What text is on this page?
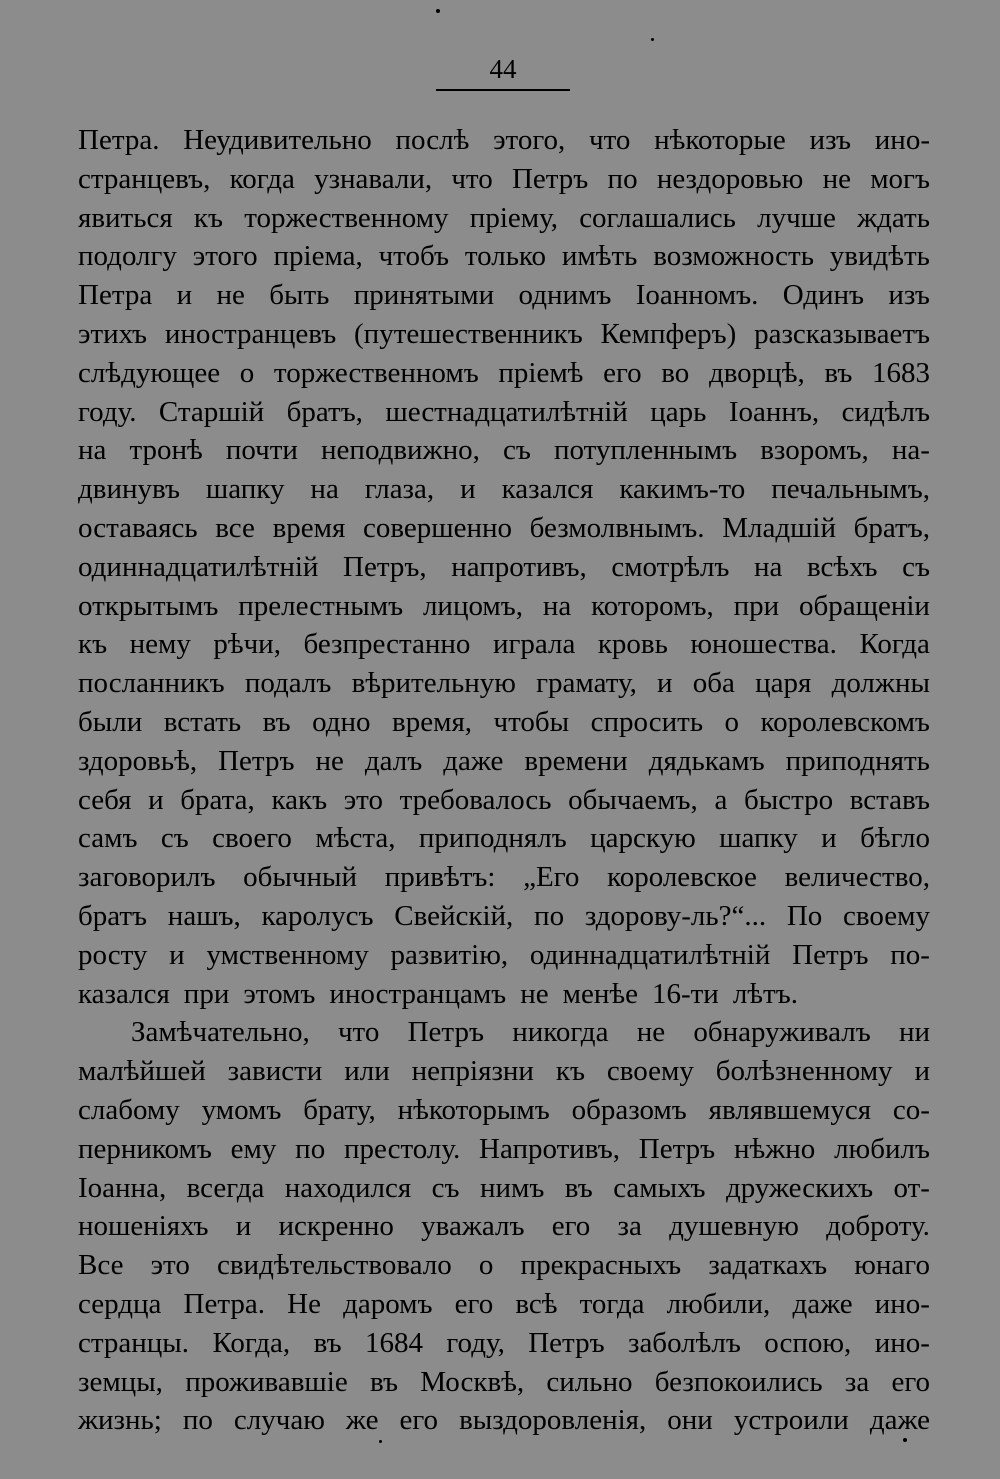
44
Петра. Неудивительно послѣ этого, что нѣкоторые изъ ино-
странцевъ, когда узнавали, что Петръ по нездоровью не могъ
явиться къ торжественному пріему, соглашались лучше ждать
подолгу этого пріема, чтобъ только имѣть возможность увидѣть
Петра и не быть принятыми однимъ Іоанномъ. Одинъ изъ
этихъ иностранцевъ (путешественникъ Кемпферъ) разсказываетъ
слѣдующее о торжественномъ пріемѣ его во дворцѣ, въ 1683
году. Старшій братъ, шестнадцатилѣтній царь Іоаннъ, сидѣлъ
на тронѣ почти неподвижно, съ потупленнымъ взоромъ, на-
двинувъ шапку на глаза, и казался какимъ-то печальнымъ,
оставаясь все время совершенно безмолвнымъ. Младшій братъ,
одиннадцатилѣтній Петръ, напротивъ, смотрѣлъ на всѣхъ съ
открытымъ прелестнымъ лицомъ, на которомъ, при обращеніи
къ нему рѣчи, безпрестанно играла кровь юношества. Когда
посланникъ подалъ вѣрительную грамату, и оба царя должны
были встать въ одно время, чтобы спросить о королевскомъ
здоровьѣ, Петръ не далъ даже времени дядькамъ приподнять
себя и брата, какъ это требовалось обычаемъ, а быстро вставъ
самъ съ своего мѣста, приподнялъ царскую шапку и бѣгло
заговорилъ обычный привѣтъ: „Его королевское величество,
братъ нашъ, каролусъ Свейскій, по здорову-ль?“... По своему
росту и умственному развитію, одиннадцатилѣтній Петръ по-
казался при этомъ иностранцамъ не менѣе 16-ти лѣтъ.
Замѣчательно, что Петръ никогда не обнаруживалъ ни
малѣйшей зависти или непріязни къ своему болѣзненному и
слабому умомъ брату, нѣкоторымъ образомъ являвшемуся со-
перникомъ ему по престолу. Напротивъ, Петръ нѣжно любилъ
Іоанна, всегда находился съ нимъ въ самыхъ дружескихъ от-
ношеніяхъ и искренно уважалъ его за душевную доброту.
Все это свидѣтельствовало о прекрасныхъ задаткахъ юнаго
сердца Петра. Не даромъ его всѣ тогда любили, даже ино-
странцы. Когда, въ 1684 году, Петръ заболѣлъ оспою, ино-
земцы, проживавшіе въ Москвѣ, сильно безпокоились за его
жизнь; по случаю же его выздоровленія, они устроили даже
